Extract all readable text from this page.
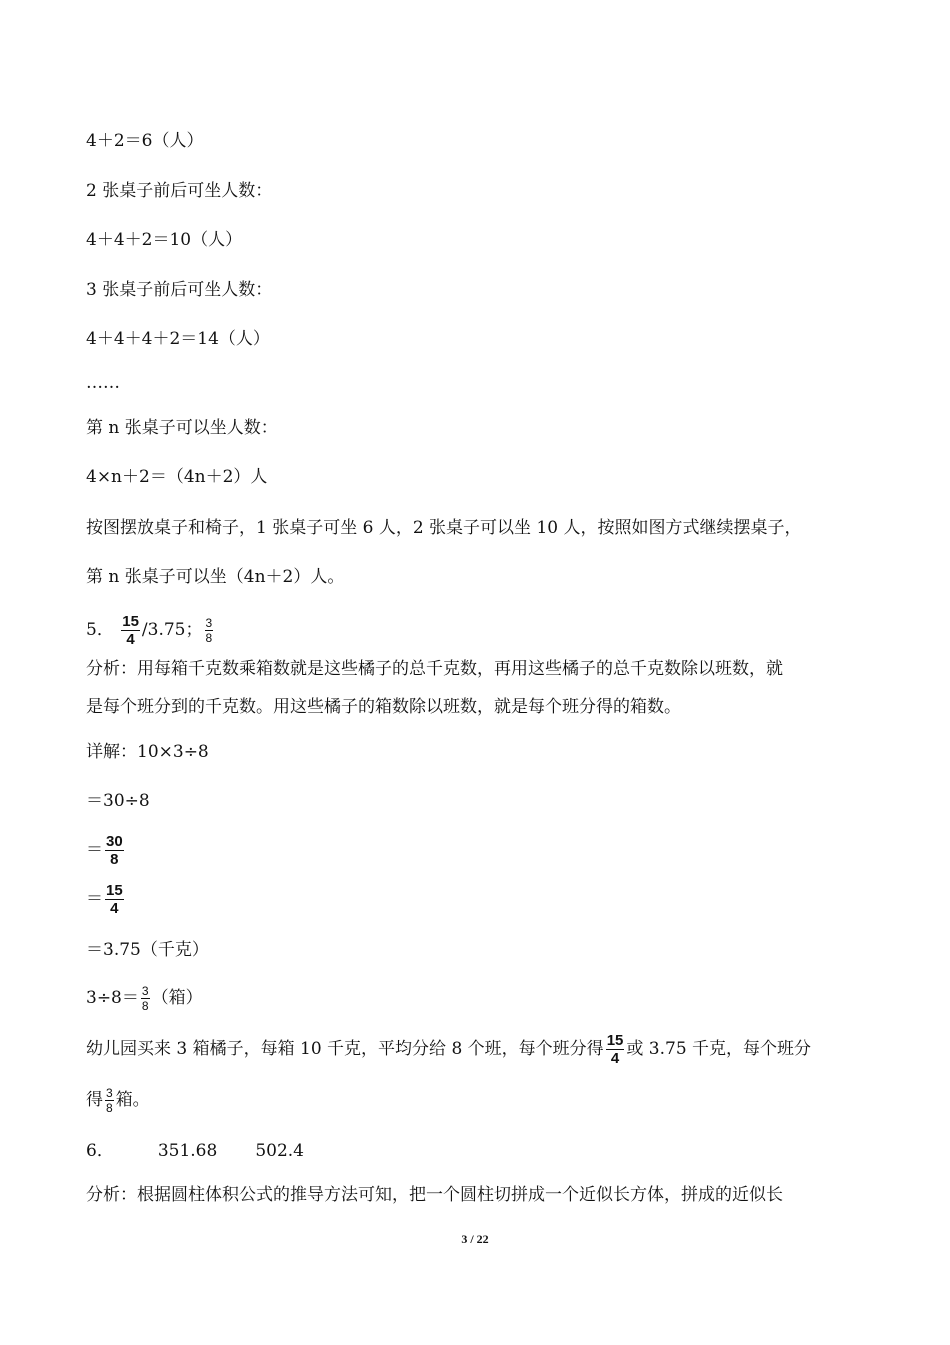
4＋2＝6（人）
2 张桌子前后可坐人数：
4＋4＋2＝10（人）
3 张桌子前后可坐人数：
4＋4＋4＋2＝14（人）
……
第 n 张桌子可以坐人数：
4×n＋2＝（4n＋2）人
按图摆放桌子和椅子，1 张桌子可坐 6 人，2 张桌子可以坐 10 人，按照如图方式继续摆桌子，
第 n 张桌子可以坐（4n＋2）人。
5． $\frac{15}{4} /3.75$； $\frac{3}{8}$
分析：用每箱千克数乘箱数就是这些橘子的总千克数，再用这些橘子的总千克数除以班数，就
是每个班分到的千克数。用这些橘子的箱数除以班数，就是每个班分得的箱数。
详解：10×3÷8
＝30÷8
＝ $\frac{30}{8}$
＝ $\frac{15}{4}$
＝3.75（千克）
$3\div 8= \frac{3}{8}$ （箱）
幼儿园买来 3 箱橘子，每箱 10 千克，平均分给 8 个班，每个班分得 $\frac{15}{4}$ 或 3.75 千克，每个班分
得 $\frac{3}{8}$ 箱。
6．	351.68 502.4
分析：根据圆柱体积公式的推导方法可知，把一个圆柱切拼成一个近似长方体，拼成的近似长
3 / 22
